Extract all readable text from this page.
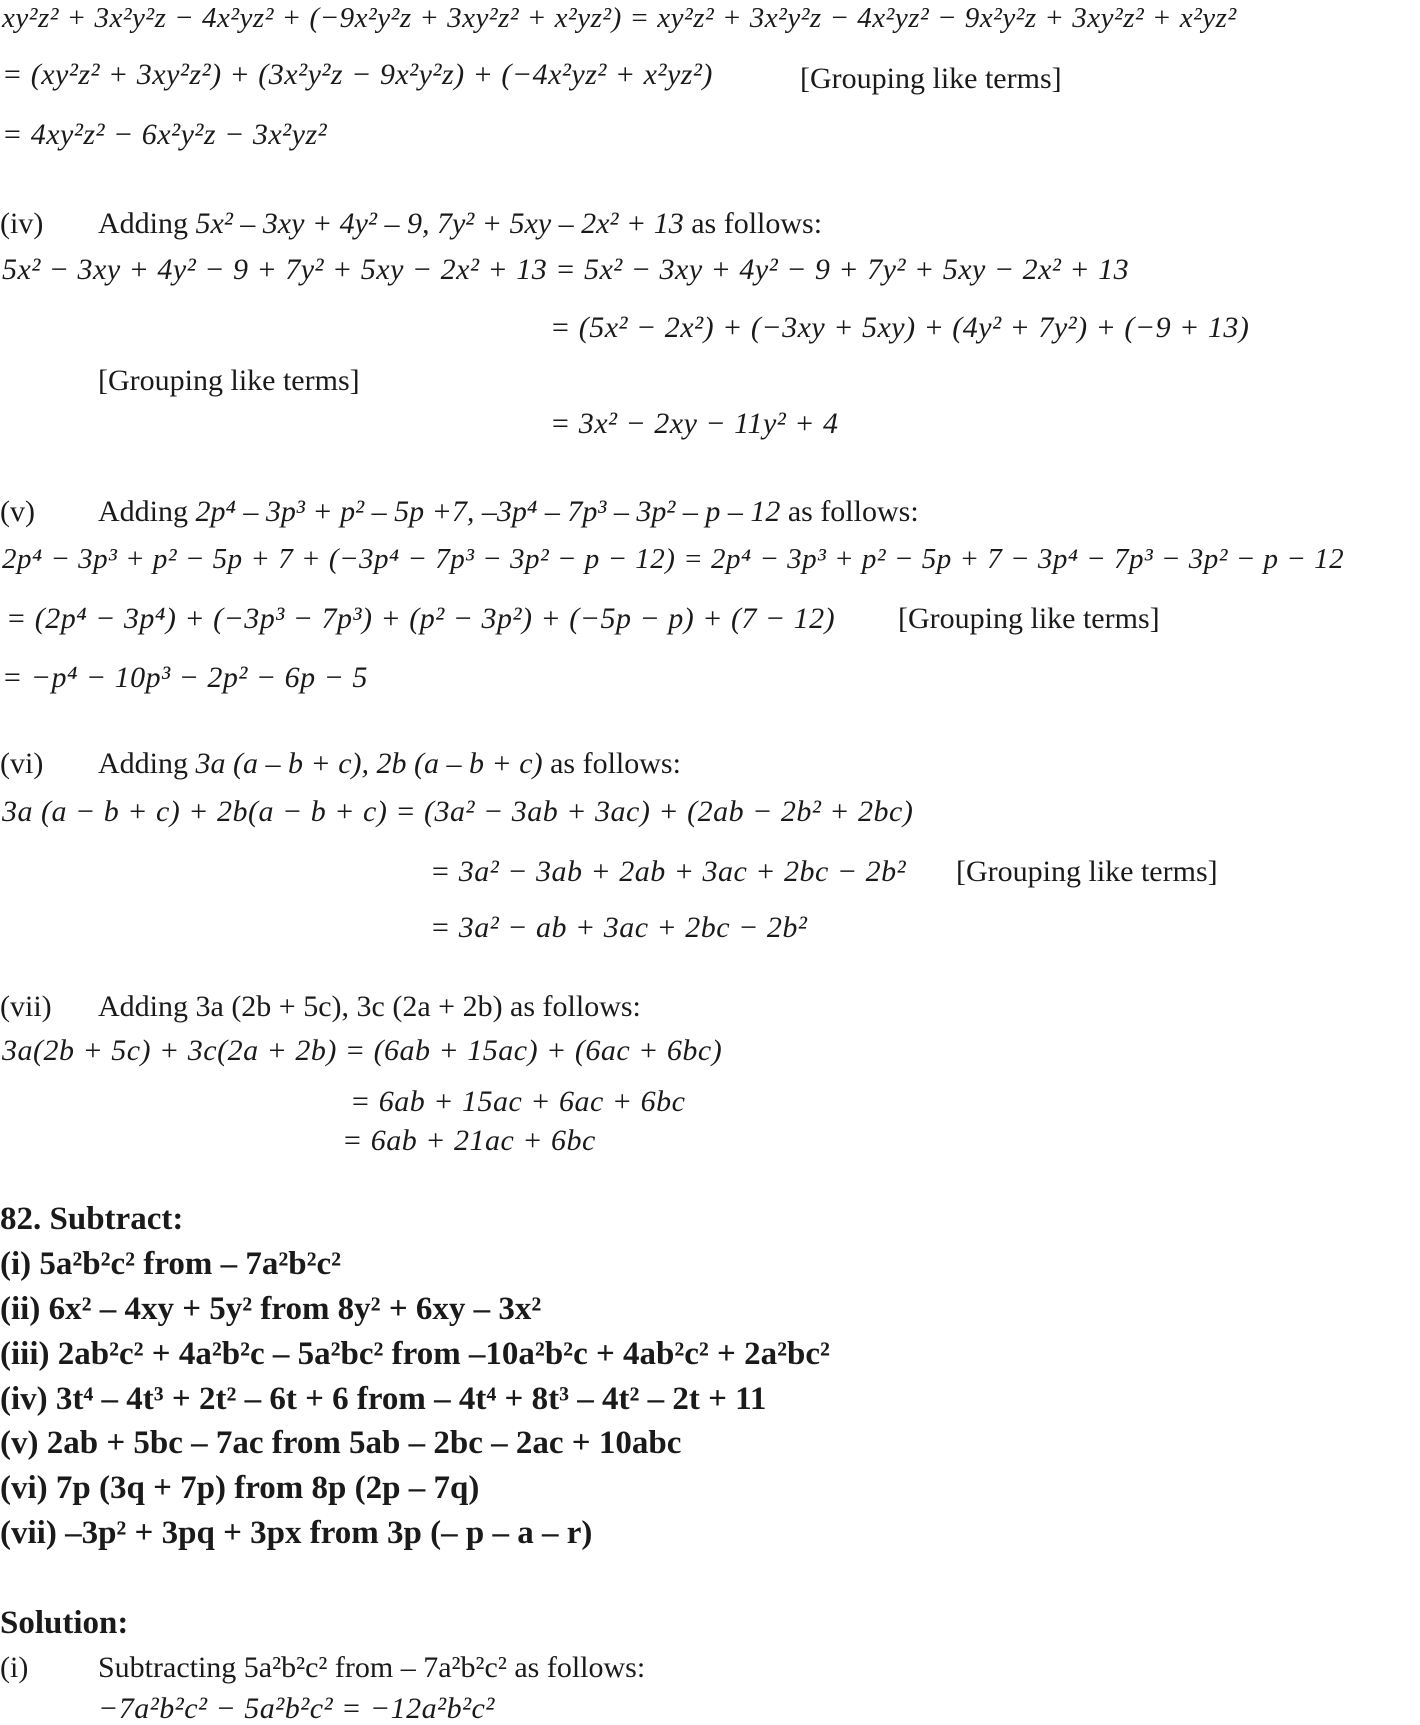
xy²z² + 3x²y²z − 4x²yz² + (−9x²y²z + 3xy²z² + x²yz²) = xy²z² + 3x²y²z − 4x²yz² − 9x²y²z + 3xy²z² + x²yz²
= (xy²z² + 3xy²z²) + (3x²y²z − 9x²y²z) + (−4x²yz² + x²yz²)	[Grouping like terms]
= 4xy²z² − 6x²y²z − 3x²yz²
(iv) Adding 5x² – 3xy + 4y² – 9, 7y² + 5xy – 2x² + 13 as follows:
5x² − 3xy + 4y² − 9 + 7y² + 5xy − 2x² + 13 = 5x² − 3xy + 4y² − 9 + 7y² + 5xy − 2x² + 13
= (5x² − 2x²) + (−3xy + 5xy) + (4y² + 7y²) + (−9 + 13)
[Grouping like terms]
= 3x² − 2xy − 11y² + 4
(v) Adding 2p⁴ – 3p³ + p² – 5p +7, –3p⁴ – 7p³ – 3p² – p – 12 as follows:
2p⁴ − 3p³ + p² − 5p + 7 + (−3p⁴ − 7p³ − 3p² − p − 12) = 2p⁴ − 3p³ + p² − 5p + 7 − 3p⁴ − 7p³ − 3p² − p − 12
= (2p⁴ − 3p⁴) + (−3p³ − 7p³) + (p² − 3p²) + (−5p − p) + (7 − 12) [Grouping like terms]
= −p⁴ − 10p³ − 2p² − 6p − 5
(vi) Adding 3a (a – b + c), 2b (a – b + c) as follows:
3a (a − b + c) + 2b(a − b + c) = (3a² − 3ab + 3ac) + (2ab − 2b² + 2bc)
= 3a² − 3ab + 2ab + 3ac + 2bc − 2b² [Grouping like terms]
= 3a² − ab + 3ac + 2bc − 2b²
(vii) Adding 3a (2b + 5c), 3c (2a + 2b) as follows:
3a(2b + 5c) + 3c(2a + 2b) = (6ab + 15ac) + (6ac + 6bc)
= 6ab + 15ac + 6ac + 6bc
= 6ab + 21ac + 6bc
82. Subtract:
(i) 5a²b²c² from – 7a²b²c²
(ii) 6x² – 4xy + 5y² from 8y² + 6xy – 3x²
(iii) 2ab²c² + 4a²b²c – 5a²bc² from –10a²b²c + 4ab²c² + 2a²bc²
(iv) 3t⁴ – 4t³ + 2t² – 6t + 6 from – 4t⁴ + 8t³ – 4t² – 2t + 11
(v) 2ab + 5bc – 7ac from 5ab – 2bc – 2ac + 10abc
(vi) 7p (3q + 7p) from 8p (2p – 7q)
(vii) –3p² + 3pq + 3px from 3p (– p – a – r)
Solution:
(i) Subtracting 5a²b²c² from – 7a²b²c² as follows:
−7a²b²c² − 5a²b²c² = −12a²b²c²
